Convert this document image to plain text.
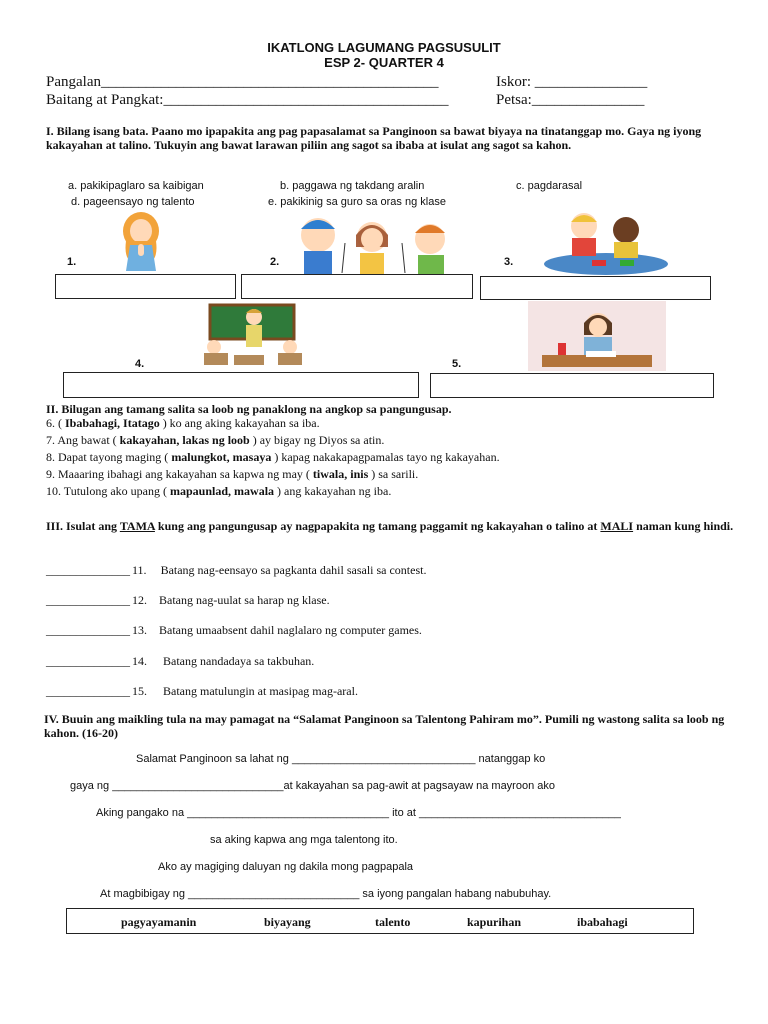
IKATLONG LAGUMANG PAGSUSULIT
ESP 2- QUARTER 4
Pangalan_____________________________________________	Iskor: _______________
Baitang at Pangkat:______________________________________	Petsa:_______________
I. Bilang isang bata. Paano mo ipapakita ang pag papasalamat sa Panginoon sa bawat biyaya na tinatanggap mo. Gaya ng iyong kakayahan at talino. Tukuyin ang bawat larawan piliin ang sagot sa ibaba at isulat ang sagot sa kahon.
a. pakikipaglaro sa kaibigan	b. paggawa ng takdang aralin	c. pagdarasal
d. pageensayo ng talento	e. pakikinig sa guro sa oras ng klase
1.	2.	3.
4.	5.
II. Bilugan ang tamang salita sa loob ng panaklong na angkop sa pangungusap.
6. ( Ibabahagi, Itatago ) ko ang aking kakayahan sa iba.
7. Ang bawat ( kakayahan, lakas ng loob ) ay bigay ng Diyos sa atin.
8. Dapat tayong maging ( malungkot, masaya ) kapag nakakapagpamalas tayo ng kakayahan.
9. Maaaring ibahagi ang kakayahan sa kapwa ng may ( tiwala, inis ) sa sarili.
10. Tutulong ako upang ( mapaunlad, mawala ) ang kakayahan ng iba.
III. Isulat ang TAMA kung ang pangungusap ay nagpapakita ng tamang paggamit ng kakayahan o talino at MALI naman kung hindi.
______________ 11. Batang nag-eensayo sa pagkanta dahil sasali sa contest.
______________ 12. Batang nag-uulat sa harap ng klase.
______________ 13. Batang umaabsent dahil naglalaro ng computer games.
______________ 14. Batang nandadaya sa takbuhan.
______________ 15. Batang matulungin at masipag mag-aral.
IV. Buuin ang maikling tula na may pamagat na “Salamat Panginoon sa Talentong Pahiram mo”. Pumili ng wastong salita sa loob ng kahon. (16-20)
Salamat Panginoon sa lahat ng ______________________________ natanggap ko
gaya ng ____________________________at kakayahan sa pag-awit at pagsayaw na mayroon ako
Aking pangako na _________________________________ ito at _________________________________
sa aking kapwa ang mga talentong ito.
Ako ay magiging daluyan ng dakila mong pagpapala
At magbibigay ng ____________________________ sa iyong pangalan habang nabubuhay.
pagyayamanin	biyayang	talento	kapurihan	ibabahagi
